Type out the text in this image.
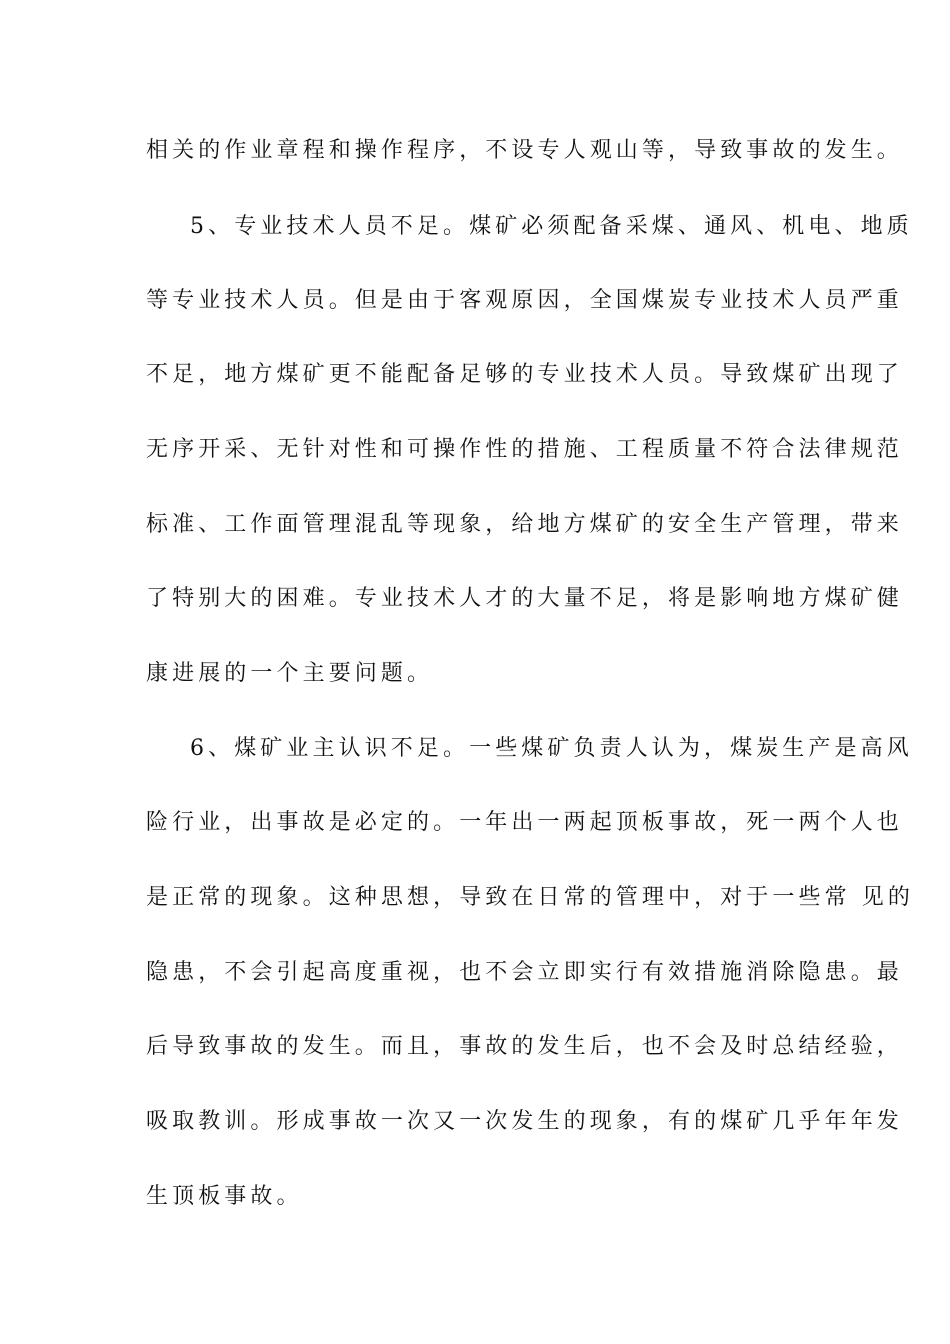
相关的作业章程和操作程序，不设专人观山等，导致事故的发生。
5、专业技术人员不足。煤矿必须配备采煤、通风、机电、地质
等专业技术人员。但是由于客观原因，全国煤炭专业技术人员严重
不足，地方煤矿更不能配备足够的专业技术人员。导致煤矿出现了
无序开采、无针对性和可操作性的措施、工程质量不符合法律规范
标准、工作面管理混乱等现象，给地方煤矿的安全生产管理，带来
了特别大的困难。专业技术人才的大量不足，将是影响地方煤矿健
康进展的一个主要问题。
6、煤矿业主认识不足。一些煤矿负责人认为，煤炭生产是高风
险行业，出事故是必定的。一年出一两起顶板事故，死一两个人也
是正常的现象。这种思想，导致在日常的管理中，对于一些常 见的
隐患，不会引起高度重视，也不会立即实行有效措施消除隐患。最
后导致事故的发生。而且，事故的发生后，也不会及时总结经验，
吸取教训。形成事故一次又一次发生的现象，有的煤矿几乎年年发
生顶板事故。
